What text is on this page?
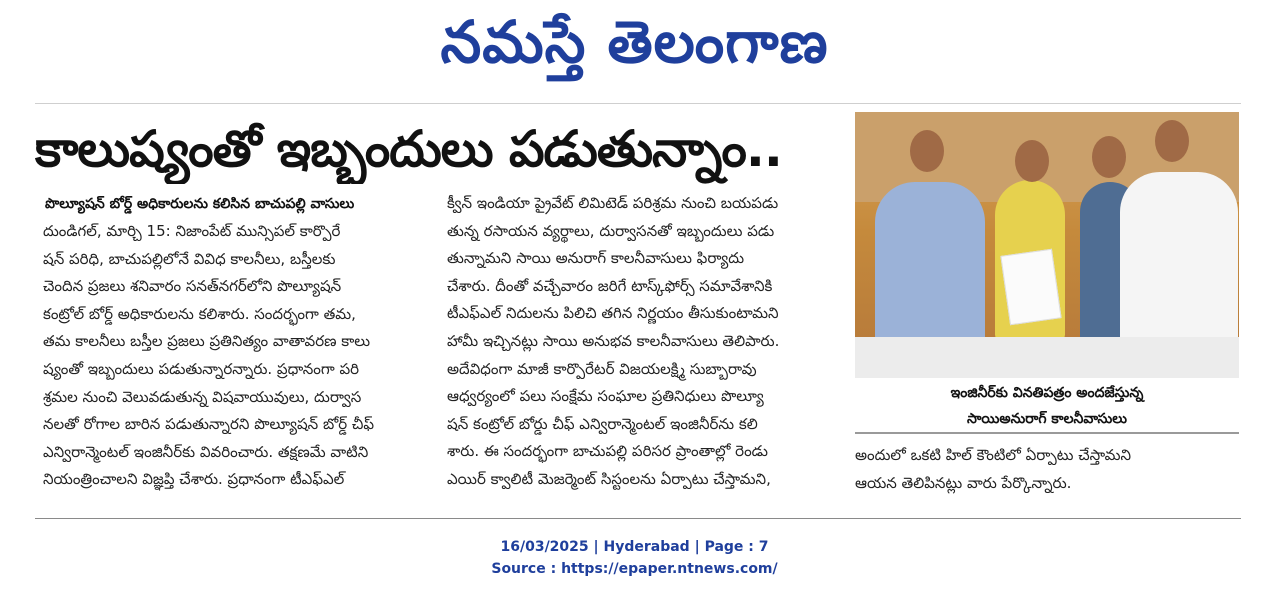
నమస్తే తెలంగాణ
కాలుష్యంతో ఇబ్బందులు పడుతున్నాం..
పొల్యూషన్ బోర్డ్ అధికారులను కలిసిన బాచుపల్లి వాసులు
దుండిగల్, మార్చి 15: నిజాంపేట్ మున్సిపల్ కార్పొరే
షన్ పరిధి, బాచుపల్లిలోనే వివిధ కాలనీలు, బస్తీలకు
చెందిన ప్రజలు శనివారం సనత్‌నగర్‌లోని పొల్యూషన్
కంట్రోల్ బోర్డ్ అధికారులను కలిశారు. సందర్భంగా తమ,
తమ కాలనీలు బస్తీల ప్రజలు ప్రతినిత్యం వాతావరణ కాలు
ష్యంతో ఇబ్బందులు పడుతున్నారన్నారు. ప్రధానంగా పరి
శ్రమల నుంచి వెలువడుతున్న విషవాయువులు, దుర్వాస
నలతో రోగాల బారిన పడుతున్నారని పొల్యూషన్ బోర్డ్ చీఫ్
ఎన్విరాన్మెంటల్ ఇంజినీర్‌కు వివరించారు. తక్షణమే వాటిని
నియంత్రించాలని విజ్ఞప్తి చేశారు. ప్రధానంగా టీఎఫ్‌ఎల్
క్వీన్ ఇండియా ప్రైవేట్ లిమిటెడ్ పరిశ్రమ నుంచి బయపడు
తున్న రసాయన వ్యర్థాలు, దుర్వాసనతో ఇబ్బందులు పడు
తున్నామని సాయి అనురాగ్ కాలనీవాసులు ఫిర్యాదు
చేశారు. దీంతో వచ్చేవారం జరిగే టాస్క్‌ఫోర్స్ సమావేశానికి
టీఎఫ్‌ఎల్ నిదులను పిలిచి తగిన నిర్ణయం తీసుకుంటామని
హామీ ఇచ్చినట్లు సాయి అనుభవ కాలనీవాసులు తెలిపారు.
అదేవిధంగా మాజీ కార్పొరేటర్ విజయలక్ష్మి సుబ్బారావు
ఆధ్వర్యంలో పలు సంక్షేమ సంఘాల ప్రతినిధులు పొల్యూ
షన్ కంట్రోల్ బోర్డు చీఫ్ ఎన్విరాన్మెంటల్ ఇంజినీర్‌ను కలి
శారు. ఈ సందర్భంగా బాచుపల్లి పరిసర ప్రాంతాల్లో రెండు
ఎయిర్ క్వాలిటీ మెజర్మెంట్ సిస్టంలను ఏర్పాటు చేస్తామని,
ఇంజినీర్‌కు వినతిపత్రం అందజేస్తున్న
సాయిఅనురాగ్ కాలనీవాసులు
అందులో ఒకటి హిల్ కౌంటిలో ఏర్పాటు చేస్తామని
ఆయన తెలిపినట్లు వారు పేర్కొన్నారు.
16/03/2025 | Hyderabad | Page : 7
Source : https://epaper.ntnews.com/
